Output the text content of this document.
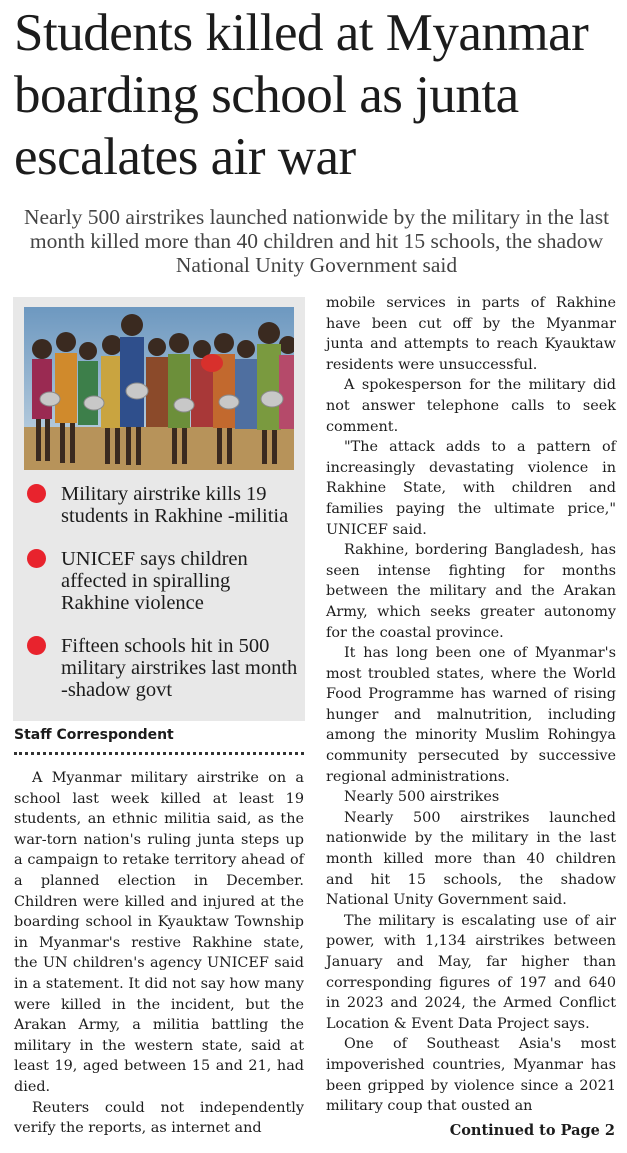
Students killed at Myanmar boarding school as junta escalates air war

Nearly 500 airstrikes launched nationwide by the military in the last month killed more than 40 children and hit 15 schools, the shadow National Unity Government said

Military airstrike kills 19 students in Rakhine -militia
UNICEF says children affected in spiralling Rakhine violence
Fifteen schools hit in 500 military airstrikes last month -shadow govt
Staff Correspondent

A Myanmar military airstrike on a school last week killed at least 19 students, an ethnic militia said, as the war-torn nation's ruling junta steps up a campaign to retake territory ahead of a planned election in December. Children were killed and injured at the boarding school in Kyauktaw Township in Myanmar's restive Rakhine state, the UN children's agency UNICEF said in a statement. It did not say how many were killed in the incident, but the Arakan Army, a militia battling the military in the western state, said at least 19, aged between 15 and 21, had died.

Reuters could not independently verify the reports, as internet and

mobile services in parts of Rakhine have been cut off by the Myanmar junta and attempts to reach Kyauktaw residents were unsuccessful.

A spokesperson for the military did not answer telephone calls to seek comment.

"The attack adds to a pattern of increasingly devastating violence in Rakhine State, with children and families paying the ultimate price," UNICEF said.

Rakhine, bordering Bangladesh, has seen intense fighting for months between the military and the Arakan Army, which seeks greater autonomy for the coastal province.

It has long been one of Myanmar's most troubled states, where the World Food Programme has warned of rising hunger and malnutrition, including among the minority Muslim Rohingya community persecuted by successive regional administrations.

Nearly 500 airstrikes

Nearly 500 airstrikes launched nationwide by the military in the last month killed more than 40 children and hit 15 schools, the shadow National Unity Government said.

The military is escalating use of air power, with 1,134 airstrikes between January and May, far higher than corresponding figures of 197 and 640 in 2023 and 2024, the Armed Conflict Location & Event Data Project says.

One of Southeast Asia's most impoverished countries, Myanmar has been gripped by violence since a 2021 military coup that ousted an

Continued to Page 2
